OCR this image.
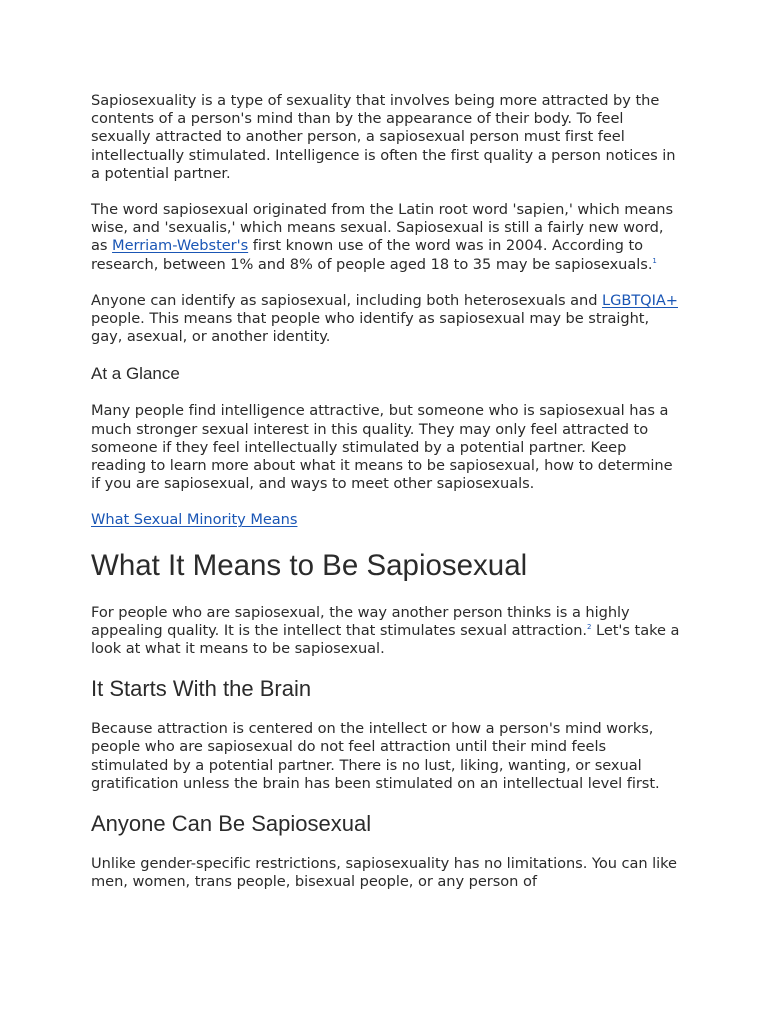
Sapiosexuality is a type of sexuality that involves being more attracted by the contents of a person's mind than by the appearance of their body. To feel sexually attracted to another person, a sapiosexual person must first feel intellectually stimulated. Intelligence is often the first quality a person notices in a potential partner.

The word sapiosexual originated from the Latin root word 'sapien,' which means wise, and 'sexualis,' which means sexual. Sapiosexual is still a fairly new word, as Merriam-Webster's first known use of the word was in 2004. According to research, between 1% and 8% of people aged 18 to 35 may be sapiosexuals.$^1$

Anyone can identify as sapiosexual, including both heterosexuals and LGBTQIA+ people. This means that people who identify as sapiosexual may be straight, gay, asexual, or another identity.

At a Glance

Many people find intelligence attractive, but someone who is sapiosexual has a much stronger sexual interest in this quality. They may only feel attracted to someone if they feel intellectually stimulated by a potential partner. Keep reading to learn more about what it means to be sapiosexual, how to determine if you are sapiosexual, and ways to meet other sapiosexuals.

What Sexual Minority Means

What It Means to Be Sapiosexual

For people who are sapiosexual, the way another person thinks is a highly appealing quality. It is the intellect that stimulates sexual attraction.$^2$ Let's take a look at what it means to be sapiosexual.

It Starts With the Brain

Because attraction is centered on the intellect or how a person's mind works, people who are sapiosexual do not feel attraction until their mind feels stimulated by a potential partner. There is no lust, liking, wanting, or sexual gratification unless the brain has been stimulated on an intellectual level first.

Anyone Can Be Sapiosexual

Unlike gender-specific restrictions, sapiosexuality has no limitations. You can like men, women, trans people, bisexual people, or any person of
